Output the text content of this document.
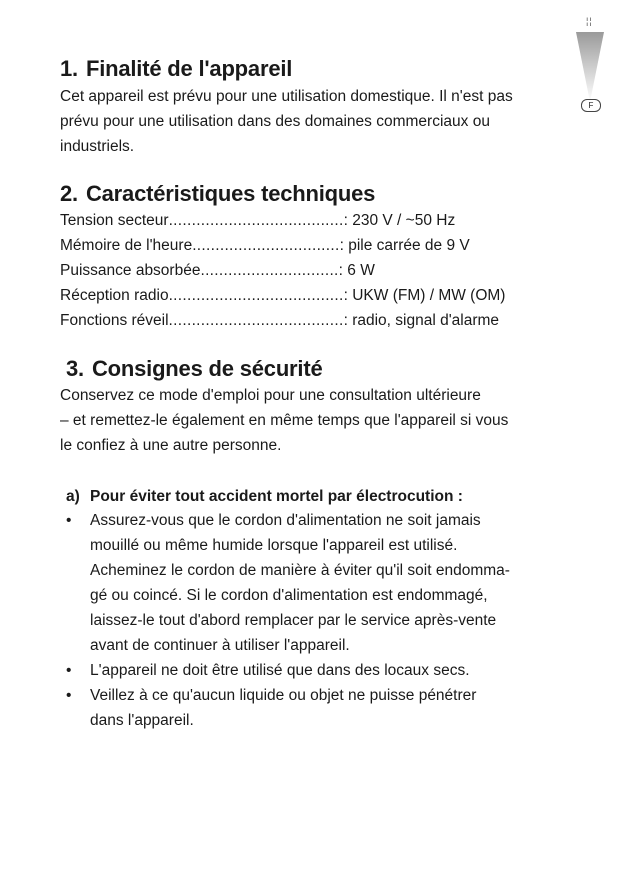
¦¦
F
1. Finalité de l'appareil
Cet appareil est prévu pour une utilisation domestique. Il n'est pas
prévu pour une utilisation dans des domaines commerciaux ou
industriels.
2. Caractéristiques techniques
Tension secteur ...................................... : 230 V / ~50 Hz
Mémoire de l'heure ................................ : pile carrée de 9 V
Puissance absorbée .............................. : 6 W
Réception radio ...................................... : UKW (FM) / MW (OM)
Fonctions réveil ...................................... : radio, signal d'alarme
3. Consignes de sécurité
Conservez ce mode d'emploi pour une consultation ultérieure
– et remettez-le également en même temps que l'appareil si vous
le confiez à une autre personne.
a) Pour éviter tout accident mortel par électrocution :
•	Assurez-vous que le cordon d'alimentation ne soit jamais
mouillé ou même humide lorsque l'appareil est utilisé.
Acheminez le cordon de manière à éviter qu'il soit endomma-
gé ou coincé. Si le cordon d'alimentation est endommagé,
laissez-le tout d'abord remplacer par le service après-vente
avant de continuer à utiliser l'appareil.
•	L'appareil ne doit être utilisé que dans des locaux secs.
•	Veillez à ce qu'aucun liquide ou objet ne puisse pénétrer
dans l'appareil.
